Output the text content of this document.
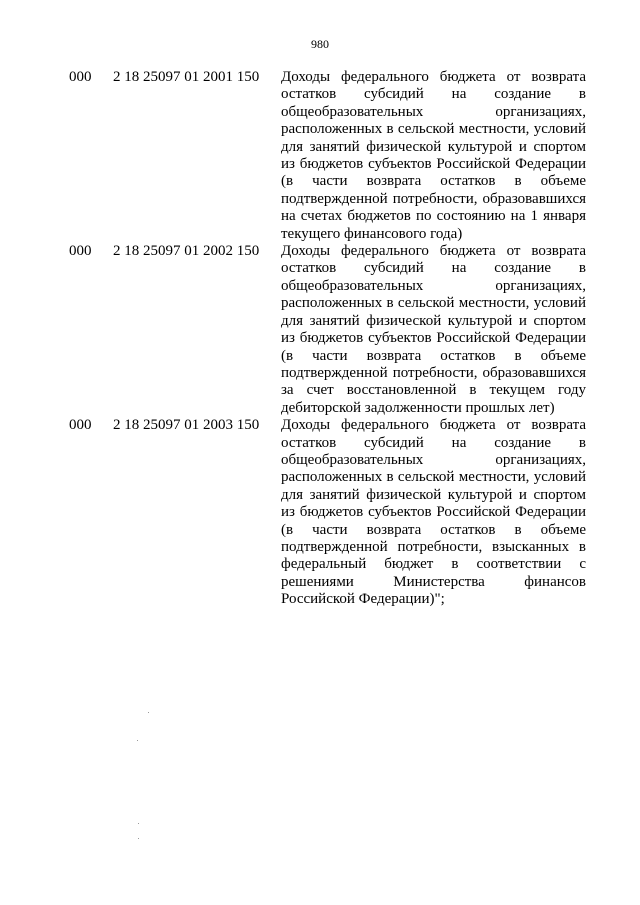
980
000 2 18 25097 01 2001 150 Доходы федерального бюджета от возврата остатков субсидий на создание в общеобразовательных организациях, расположенных в сельской местности, условий для занятий физической культурой и спортом из бюджетов субъектов Российской Федерации (в части возврата остатков в объеме подтвержденной потребности, образовавшихся на счетах бюджетов по состоянию на 1 января текущего финансового года)
000 2 18 25097 01 2002 150 Доходы федерального бюджета от возврата остатков субсидий на создание в общеобразовательных организациях, расположенных в сельской местности, условий для занятий физической культурой и спортом из бюджетов субъектов Российской Федерации (в части возврата остатков в объеме подтвержденной потребности, образовавшихся за счет восстановленной в текущем году дебиторской задолженности прошлых лет)
000 2 18 25097 01 2003 150 Доходы федерального бюджета от возврата остатков субсидий на создание в общеобразовательных организациях, расположенных в сельской местности, условий для занятий физической культурой и спортом из бюджетов субъектов Российской Федерации (в части возврата остатков в объеме подтвержденной потребности, взысканных в федеральный бюджет в соответствии с решениями Министерства финансов Российской Федерации)";
